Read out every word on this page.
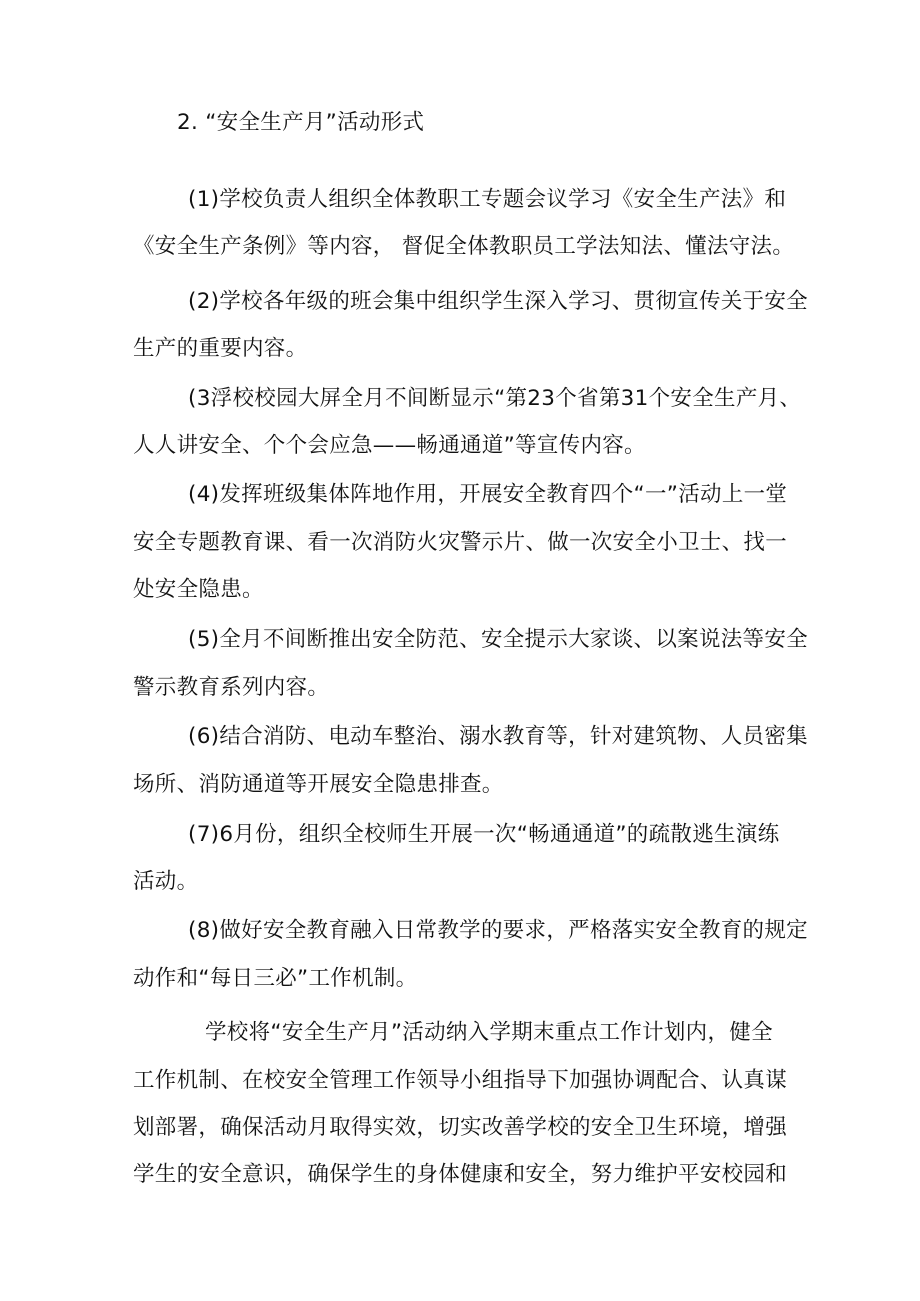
2. “安全生产月”活动形式
(1)学校负责人组织全体教职工专题会议学习《安全生产法》和
《安全生产条例》等内容， 督促全体教职员工学法知法、懂法守法。
(2)学校各年级的班会集中组织学生深入学习、贯彻宣传关于安全
生产的重要内容。
(3浮校校园大屏全月不间断显示“第23个省第31个安全生产月、
人人讲安全、个个会应急——畅通通道”等宣传内容。
(4)发挥班级集体阵地作用，开展安全教育四个“一”活动上一堂
安全专题教育课、看一次消防火灾警示片、做一次安全小卫士、找一
处安全隐患。
(5)全月不间断推出安全防范、安全提示大家谈、以案说法等安全
警示教育系列内容。
(6)结合消防、电动车整治、溺水教育等，针对建筑物、人员密集
场所、消防通道等开展安全隐患排查。
(7)6月份，组织全校师生开展一次“畅通通道”的疏散逃生演练
活动。
(8)做好安全教育融入日常教学的要求，严格落实安全教育的规定
动作和“每日三必”工作机制。
学校将“安全生产月”活动纳入学期末重点工作计划内，健全
工作机制、在校安全管理工作领导小组指导下加强协调配合、认真谋
划部署，确保活动月取得实效，切实改善学校的安全卫生环境，增强
学生的安全意识，确保学生的身体健康和安全，努力维护平安校园和
